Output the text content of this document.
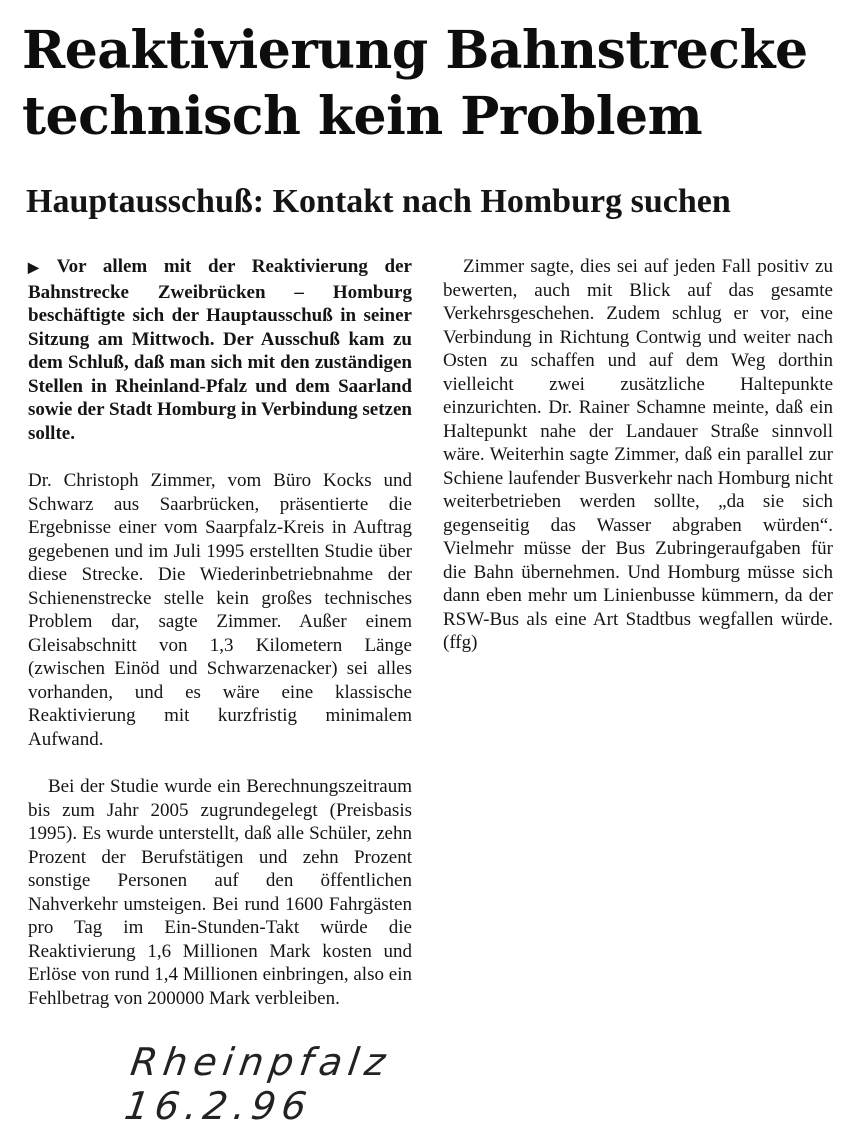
Reaktivierung Bahnstrecke
technisch kein Problem
Hauptausschuß: Kontakt nach Homburg suchen

▶ Vor allem mit der Reaktivierung der Bahnstrecke Zweibrücken – Homburg beschäftigte sich der Hauptausschuß in seiner Sitzung am Mittwoch. Der Ausschuß kam zu dem Schluß, daß man sich mit den zuständigen Stellen in Rheinland-Pfalz und dem Saarland sowie der Stadt Homburg in Verbindung setzen sollte.

Dr. Christoph Zimmer, vom Büro Kocks und Schwarz aus Saarbrücken, präsentierte die Ergebnisse einer vom Saarpfalz-Kreis in Auftrag gegebenen und im Juli 1995 erstellten Studie über diese Strecke. Die Wiederinbetriebnahme der Schienenstrecke stelle kein großes technisches Problem dar, sagte Zimmer. Außer einem Gleisabschnitt von 1,3 Kilometern Länge (zwischen Einöd und Schwarzenacker) sei alles vorhanden, und es wäre eine klassische Reaktivierung mit kurzfristig minimalem Aufwand.

Bei der Studie wurde ein Berechnungszeitraum bis zum Jahr 2005 zugrundegelegt (Preisbasis 1995). Es wurde unterstellt, daß alle Schüler, zehn Prozent der Berufstätigen und zehn Prozent sonstige Personen auf den öffentlichen Nahverkehr umsteigen. Bei rund 1600 Fahrgästen pro Tag im Ein-Stunden-Takt würde die Reaktivierung 1,6 Millionen Mark kosten und Erlöse von rund 1,4 Millionen einbringen, also ein Fehlbetrag von 200000 Mark verbleiben.

Zimmer sagte, dies sei auf jeden Fall positiv zu bewerten, auch mit Blick auf das gesamte Verkehrsgeschehen. Zudem schlug er vor, eine Verbindung in Richtung Contwig und weiter nach Osten zu schaffen und auf dem Weg dorthin vielleicht zwei zusätzliche Haltepunkte einzurichten. Dr. Rainer Schamne meinte, daß ein Haltepunkt nahe der Landauer Straße sinnvoll wäre. Weiterhin sagte Zimmer, daß ein parallel zur Schiene laufender Busverkehr nach Homburg nicht weiterbetrieben werden sollte, „da sie sich gegenseitig das Wasser abgraben würden“. Vielmehr müsse der Bus Zubringeraufgaben für die Bahn übernehmen. Und Homburg müsse sich dann eben mehr um Linienbusse kümmern, da der RSW-Bus als eine Art Stadtbus wegfallen würde. (ffg)

Rheinpfalz 16.2.96
